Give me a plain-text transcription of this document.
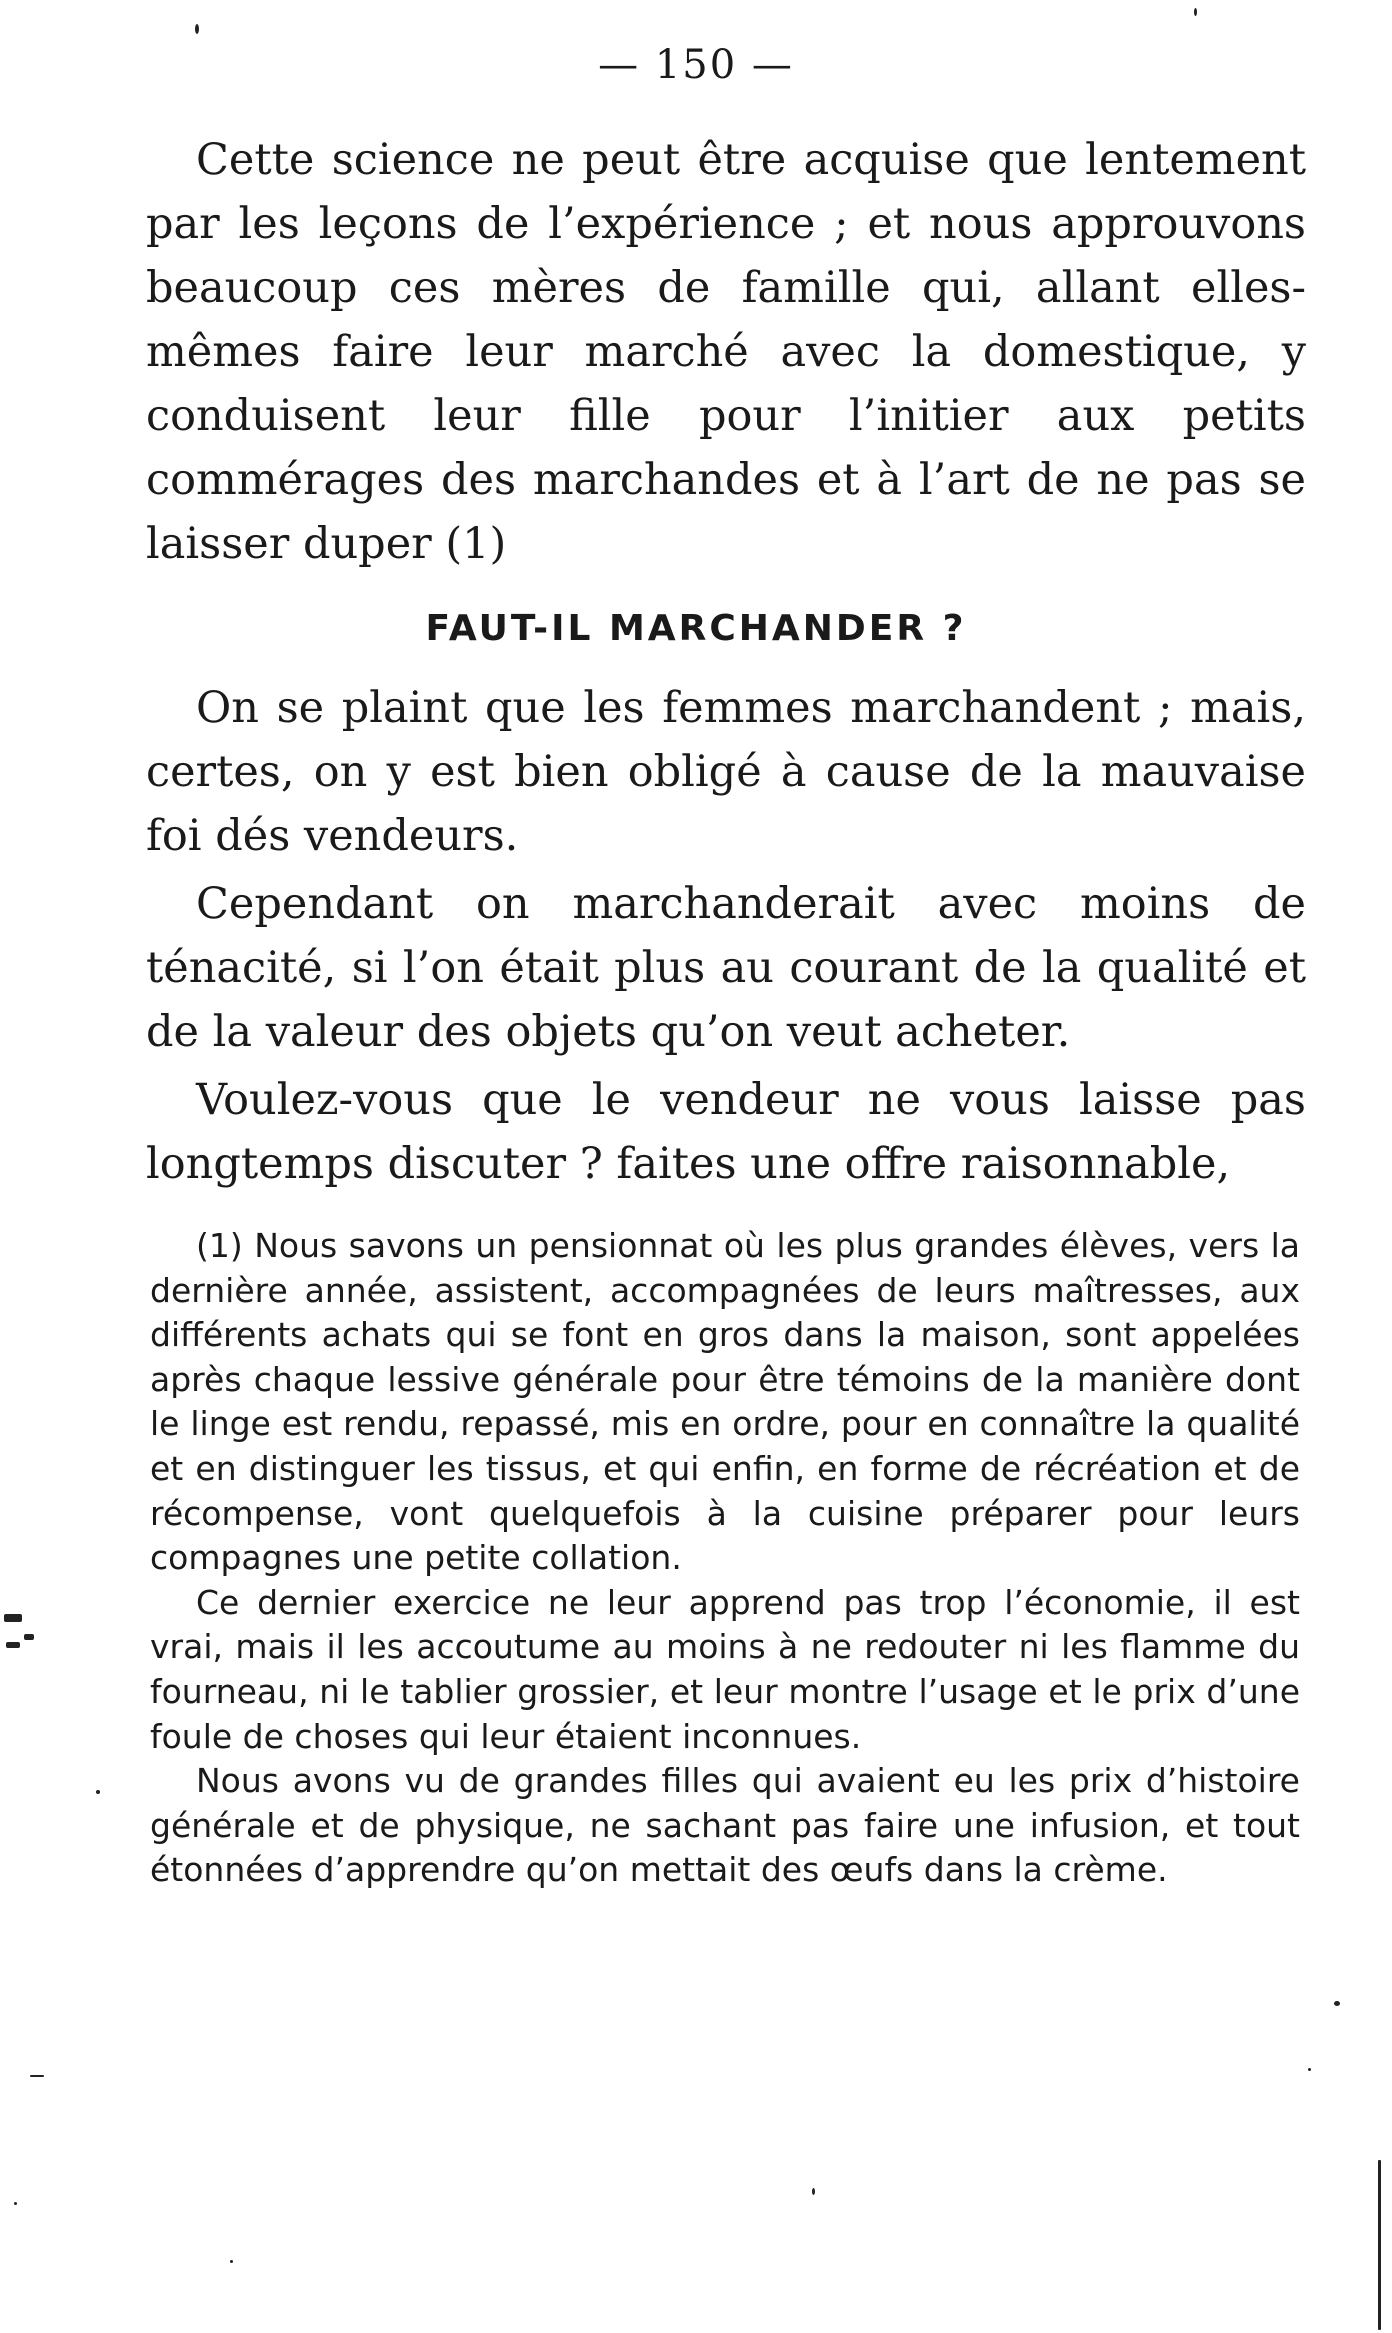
— 150 —

Cette science ne peut être acquise que lentement par les leçons de l’expérience ; et nous approuvons beaucoup ces mères de famille qui, allant elles-mêmes faire leur marché avec la domestique, y conduisent leur fille pour l’initier aux petits commérages des marchandes et à l’art de ne pas se laisser duper (1)

FAUT-IL MARCHANDER ?

On se plaint que les femmes marchandent ; mais, certes, on y est bien obligé à cause de la mauvaise foi dés vendeurs.

Cependant on marchanderait avec moins de ténacité, si l’on était plus au courant de la qualité et de la valeur des objets qu’on veut acheter.

Voulez-vous que le vendeur ne vous laisse pas longtemps discuter ? faites une offre raisonnable,

(1) Nous savons un pensionnat où les plus grandes élèves, vers la dernière année, assistent, accompagnées de leurs maîtresses, aux différents achats qui se font en gros dans la maison, sont appelées après chaque lessive générale pour être témoins de la manière dont le linge est rendu, repassé, mis en ordre, pour en connaître la qualité et en distinguer les tissus, et qui enfin, en forme de récréation et de récompense, vont quelquefois à la cuisine préparer pour leurs compagnes une petite collation.

Ce dernier exercice ne leur apprend pas trop l’économie, il est vrai, mais il les accoutume au moins à ne redouter ni les flamme du fourneau, ni le tablier grossier, et leur montre l’usage et le prix d’une foule de choses qui leur étaient inconnues.

Nous avons vu de grandes filles qui avaient eu les prix d’histoire générale et de physique, ne sachant pas faire une infusion, et tout étonnées d’apprendre qu’on mettait des œufs dans la crème.
